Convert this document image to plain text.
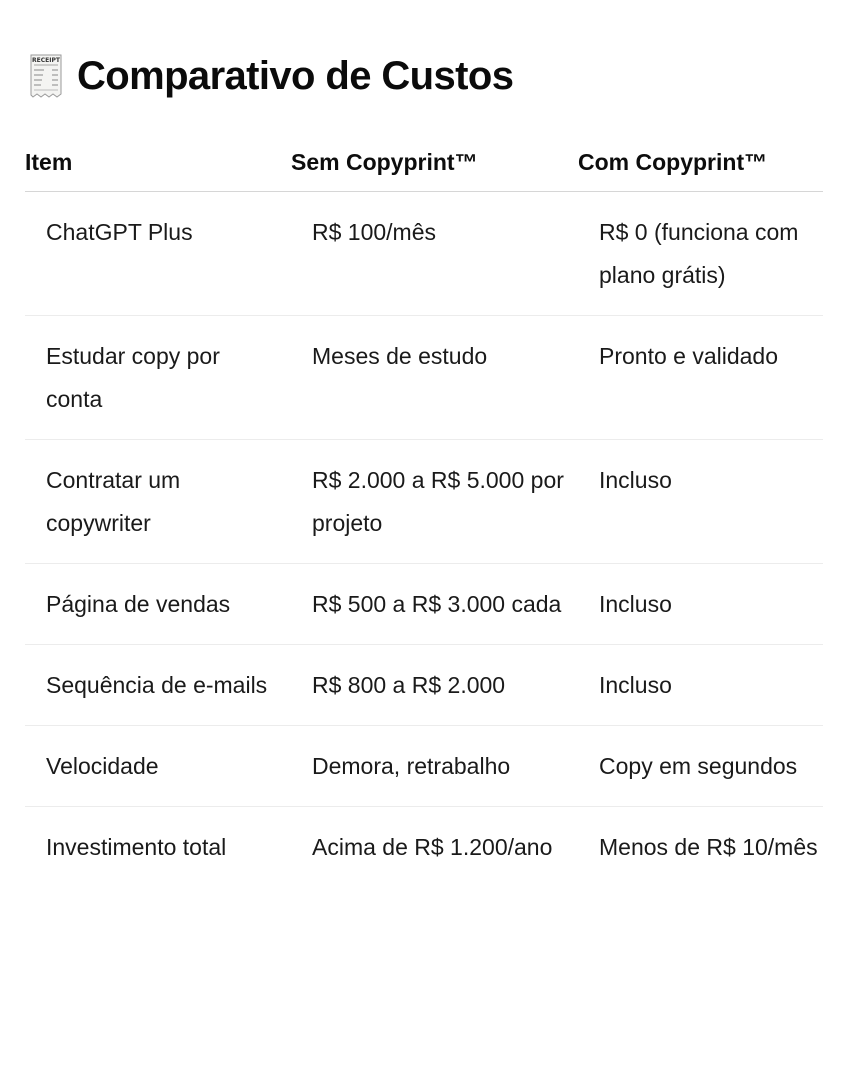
RECEIPT Comparativo de Custos
Item	Sem Copyprint™	Com Copyprint™
ChatGPT Plus	R$ 100/mês	R$ 0 (funciona com plano grátis)
Estudar copy por conta	Meses de estudo	Pronto e validado
Contratar um copywriter	R$ 2.000 a R$ 5.000 por projeto	Incluso
Página de vendas	R$ 500 a R$ 3.000 cada	Incluso
Sequência de e-mails	R$ 800 a R$ 2.000	Incluso
Velocidade	Demora, retrabalho	Copy em segundos
Investimento total	Acima de R$ 1.200/ano	Menos de R$ 10/mês
